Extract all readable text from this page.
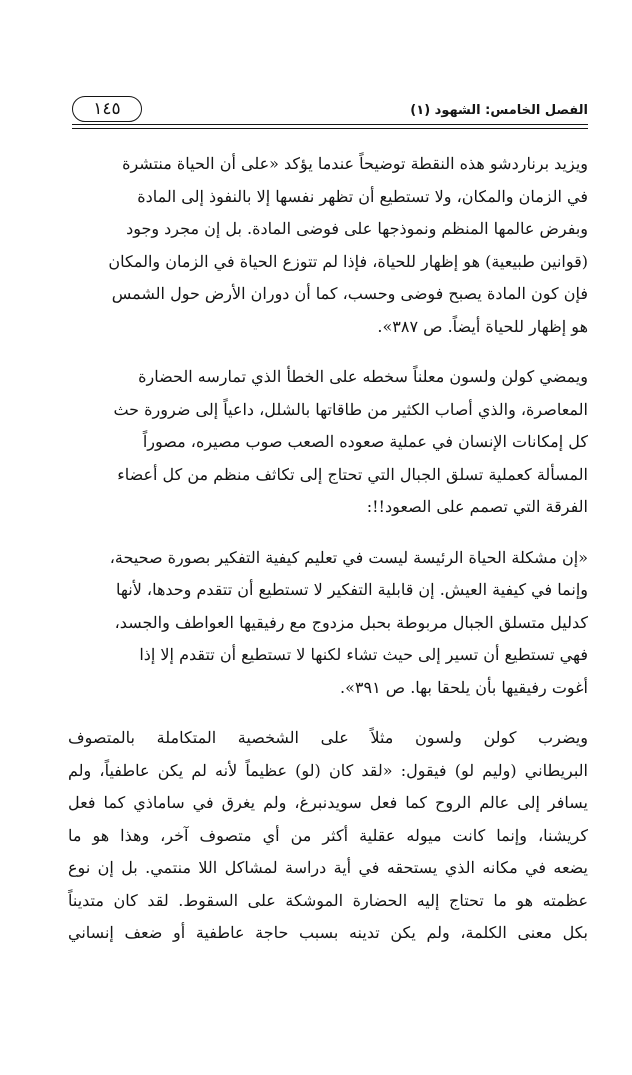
الفصل الخامس: الشهود (١)
١٤٥

ويزيد برناردشو هذه النقطة توضيحاً عندما يؤكد «على أن الحياة منتشرة
في الزمان والمكان، ولا تستطيع أن تظهر نفسها إلا بالنفوذ إلى المادة
وبفرض عالمها المنظم ونموذجها على فوضى المادة. بل إن مجرد وجود
(قوانين طبيعية) هو إظهار للحياة، فإذا لم تتوزع الحياة في الزمان والمكان
فإن كون المادة يصبح فوضى وحسب، كما أن دوران الأرض حول الشمس
هو إظهار للحياة أيضاً. ص ٣٨٧».

ويمضي كولن ولسون معلناً سخطه على الخطأ الذي تمارسه الحضارة
المعاصرة، والذي أصاب الكثير من طاقاتها بالشلل، داعياً إلى ضرورة حث
كل إمكانات الإنسان في عملية صعوده الصعب صوب مصيره، مصوراً
المسألة كعملية تسلق الجبال التي تحتاج إلى تكاثف منظم من كل أعضاء
الفرقة التي تصمم على الصعود!!:

«إن مشكلة الحياة الرئيسة ليست في تعليم كيفية التفكير بصورة صحيحة،
وإنما في كيفية العيش. إن قابلية التفكير لا تستطيع أن تتقدم وحدها، لأنها
كدليل متسلق الجبال مربوطة بحبل مزدوج مع رفيقيها العواطف والجسد،
فهي تستطيع أن تسير إلى حيث تشاء لكنها لا تستطيع أن تتقدم إلا إذا
أغوت رفيقيها بأن يلحقا بها. ص ٣٩١».

ويضرب كولن ولسون مثلاً على الشخصية المتكاملة بالمتصوف
البريطاني (وليم لو) فيقول: «لقد كان (لو) عظيماً لأنه لم يكن عاطفياً، ولم
يسافر إلى عالم الروح كما فعل سويدنبرغ، ولم يغرق في ساماذي كما فعل
كريشنا، وإنما كانت ميوله عقلية أكثر من أي متصوف آخر، وهذا هو ما
يضعه في مكانه الذي يستحقه في أية دراسة لمشاكل اللا منتمي. بل إن نوع
عظمته هو ما تحتاج إليه الحضارة الموشكة على السقوط. لقد كان متديناً
بكل معنى الكلمة، ولم يكن تدينه بسبب حاجة عاطفية أو ضعف إنساني
